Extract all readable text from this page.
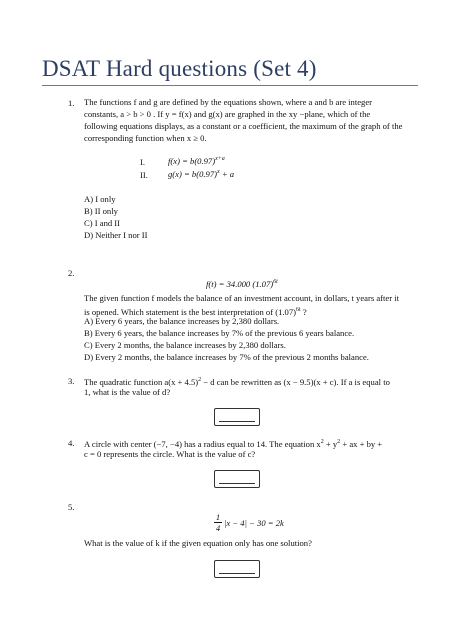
DSAT Hard questions (Set 4)
1. The functions f and g are defined by the equations shown, where a and b are integer
constants, a > b > 0 . If y = f(x) and g(x) are graphed in the xy −plane, which of the
following equations displays, as a constant or a coefficient, the maximum of the graph of the
corresponding function when x ≥ 0.
I.	$f(x) = b(0.97)^{x+a}$
II. $g(x) = b(0.97)^x + a$
A) I only
B) II only
C) I and II
D) Neither I nor II
2.
f(t) = 34.000 $(1.07)^{6t}$
The given function f models the balance of an investment account, in dollars, t years after it
is opened. Which statement is the best interpretation of $(1.07)^{6t}$ ?
A) Every 6 years, the balance increases by 2,380 dollars.
B) Every 6 years, the balance increases by 7% of the previous 6 years balance.
C) Every 2 months, the balance increases by 2,380 dollars.
D) Every 2 months, the balance increases by 7% of the previous 2 months balance.
3. The quadratic function $a(x + 4.5)^2 - d$ can be rewritten as (x − 9.5)(x + c). If a is equal to
1, what is the value of d?
4. A circle with center (−7, −4) has a radius equal to 14. The equation $x^2 + y^2$ + ax + by +
c = 0 represents the circle. What is the value of c?
5.
$\frac{1}{4} |x - 4| - 30 = 2k$
What is the value of k if the given equation only has one solution?
